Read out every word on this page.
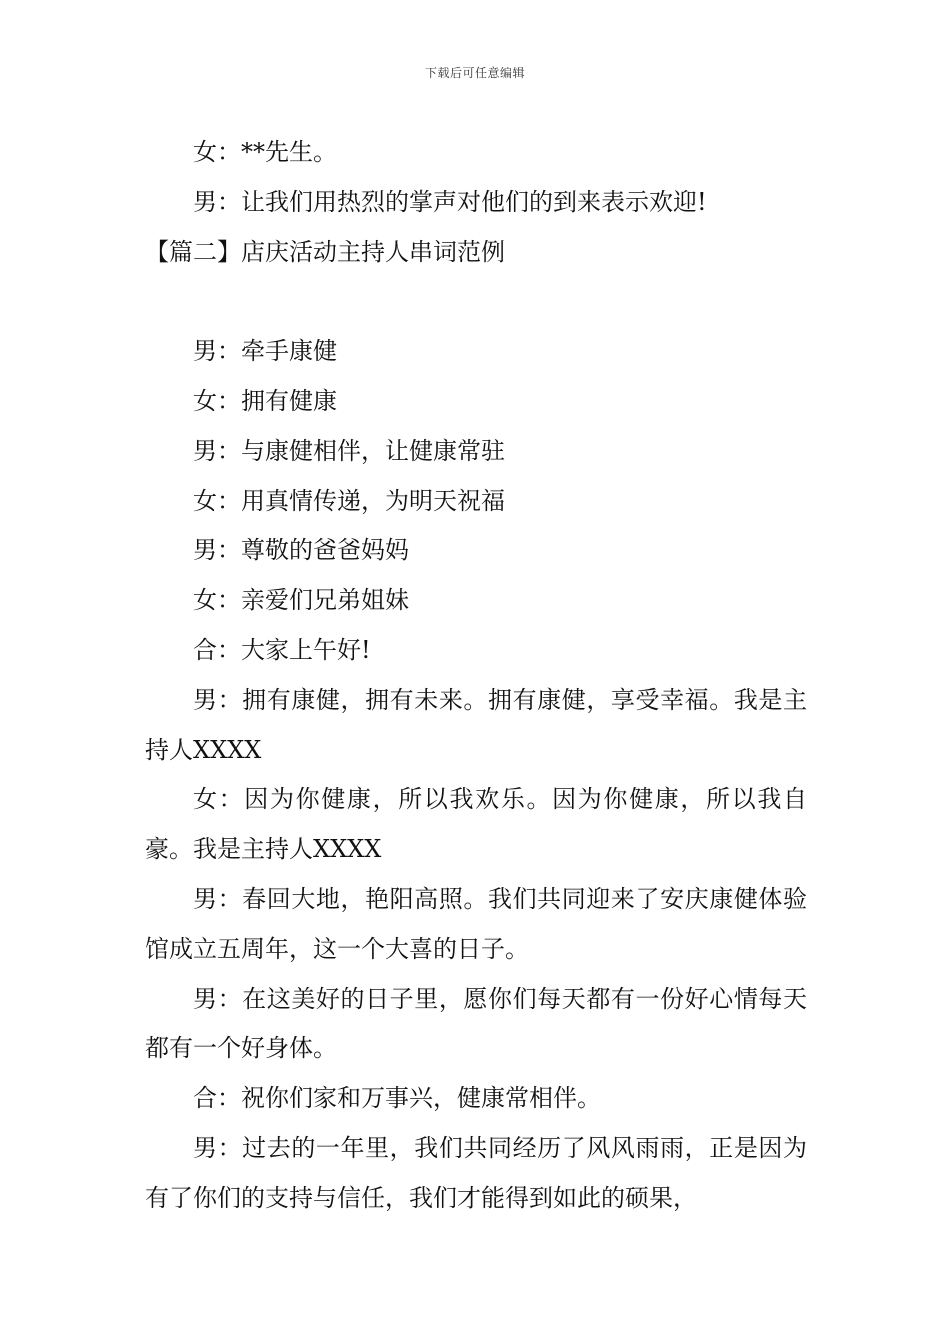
下载后可任意编辑

女：**先生。

男：让我们用热烈的掌声对他们的到来表示欢迎!

【篇二】店庆活动主持人串词范例

男：牵手康健

女：拥有健康

男：与康健相伴，让健康常驻

女：用真情传递，为明天祝福

男：尊敬的爸爸妈妈

女：亲爱们兄弟姐妹

合：大家上午好!

男：拥有康健，拥有未来。拥有康健，享受幸福。我是主持人XXXX

女：因为你健康，所以我欢乐。因为你健康，所以我自豪。我是主持人XXXX

男：春回大地，艳阳高照。我们共同迎来了安庆康健体验馆成立五周年，这一个大喜的日子。

男：在这美好的日子里，愿你们每天都有一份好心情每天都有一个好身体。

合：祝你们家和万事兴，健康常相伴。

男：过去的一年里，我们共同经历了风风雨雨，正是因为有了你们的支持与信任，我们才能得到如此的硕果，
